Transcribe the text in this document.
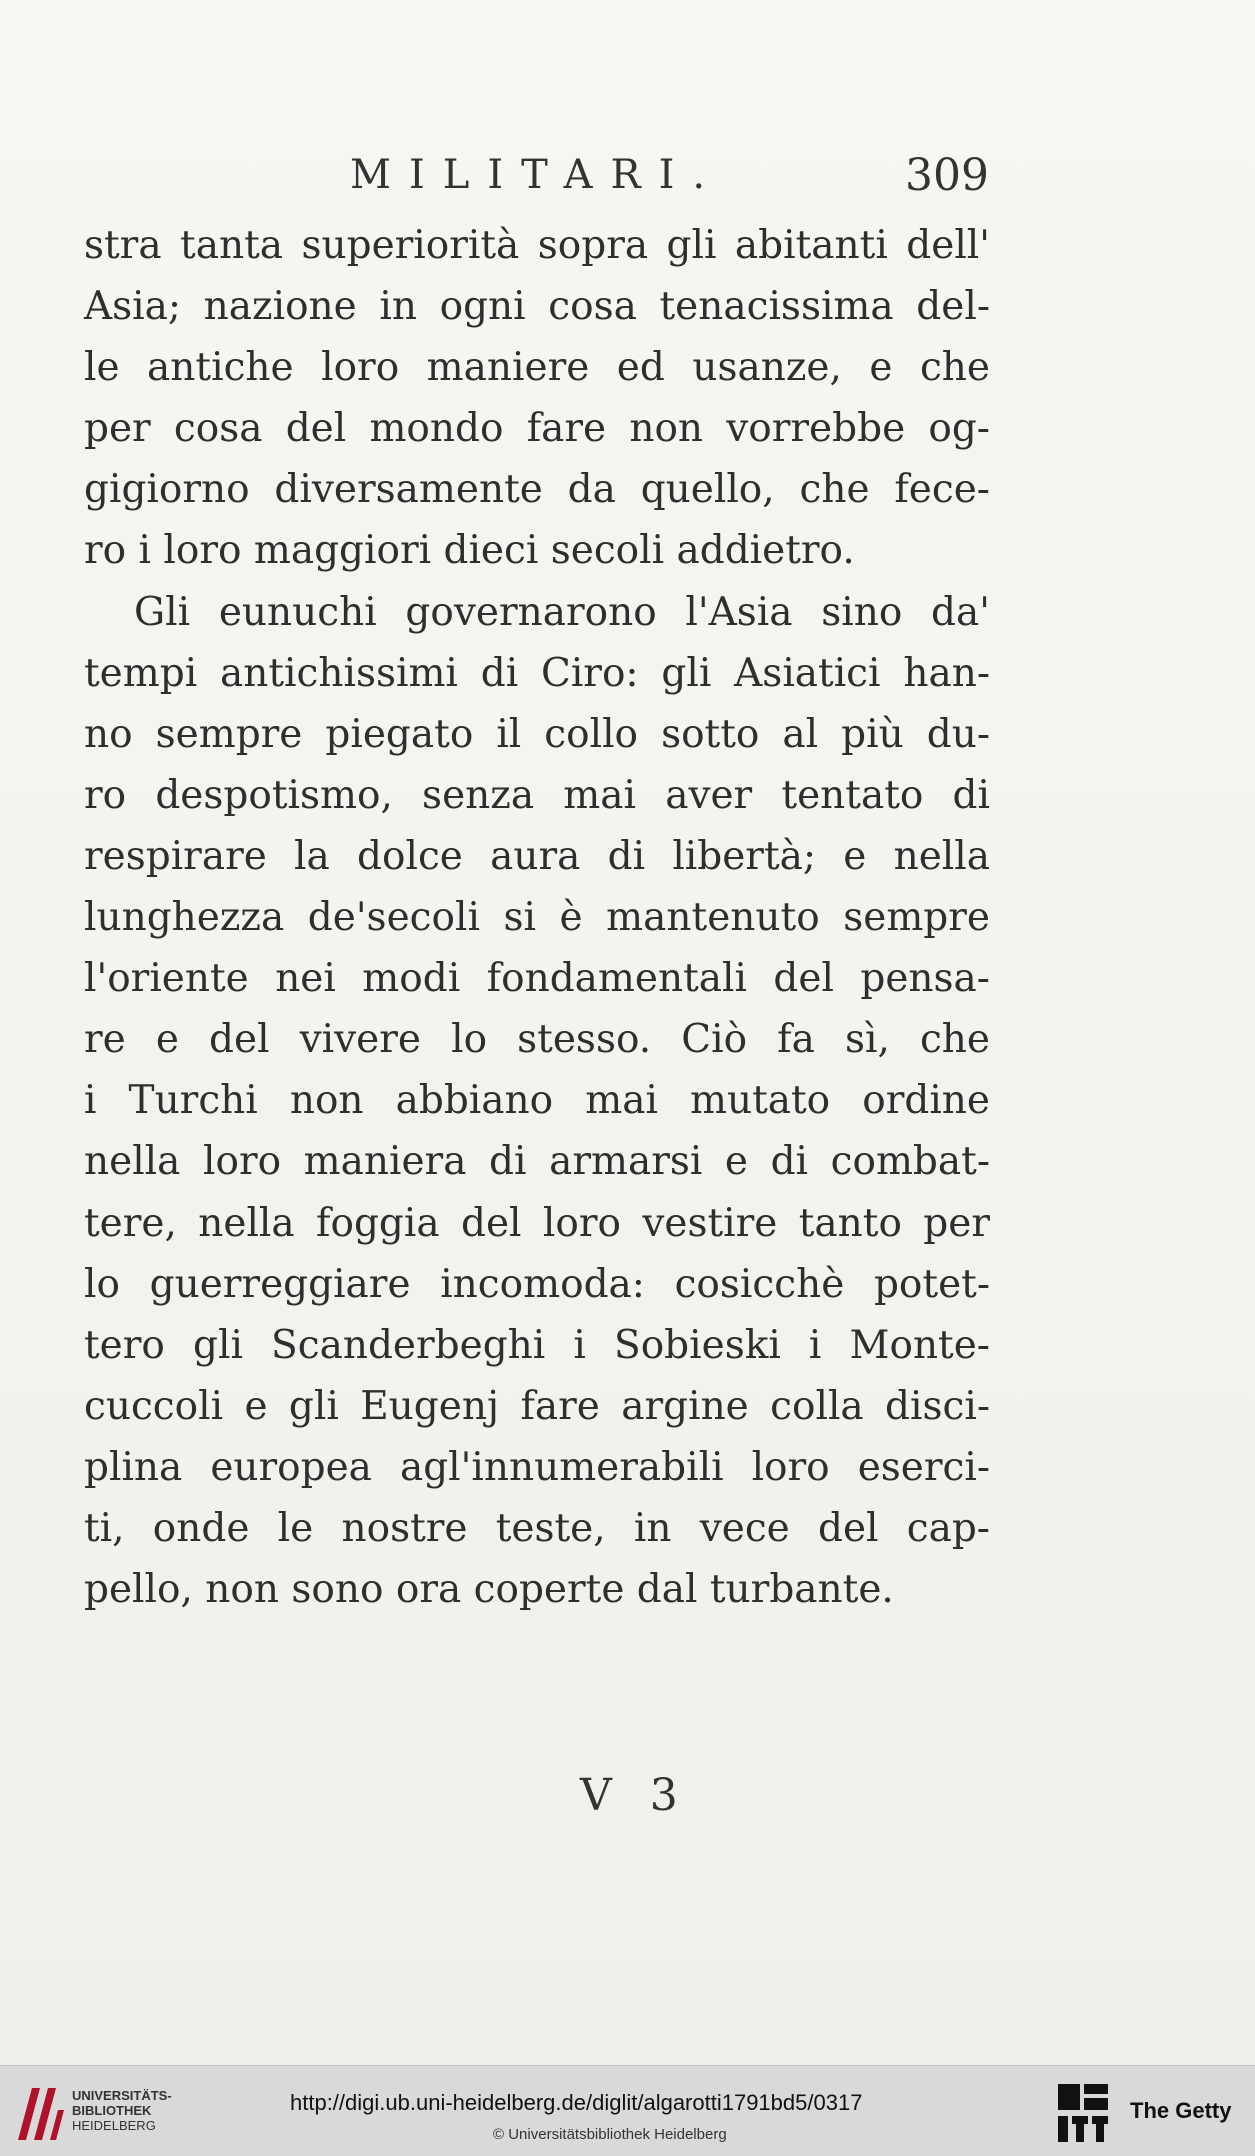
MILITARI.	309
stra tanta superiorità sopra gli abitanti dell'
Asia; nazione in ogni cosa tenacissima del-
le antiche loro maniere ed usanze, e che
per cosa del mondo fare non vorrebbe og-
gigiorno diversamente da quello, che fece-
ro i loro maggiori dieci secoli addietro.
Gli eunuchi governarono l'Asia sino da'
tempi antichissimi di Ciro: gli Asiatici han-
no sempre piegato il collo sotto al più du-
ro despotismo, senza mai aver tentato di
respirare la dolce aura di libertà; e nella
lunghezza de'secoli si è mantenuto sempre
l'oriente nei modi fondamentali del pensa-
re e del vivere lo stesso. Ciò fa sì, che
i Turchi non abbiano mai mutato ordine
nella loro maniera di armarsi e di combat-
tere, nella foggia del loro vestire tanto per
lo guerreggiare incomoda: cosicchè potet-
tero gli Scanderbeghi i Sobieski i Monte-
cuccoli e gli Eugenj fare argine colla disci-
plina europea agl'innumerabili loro eserci-
ti, onde le nostre teste, in vece del cap-
pello, non sono ora coperte dal turbante.
V 3
UNIVERSITÄTS-
BIBLIOTHEK
HEIDELBERG
http://digi.ub.uni-heidelberg.de/diglit/algarotti1791bd5/0317
© Universitätsbibliothek Heidelberg
The Getty
